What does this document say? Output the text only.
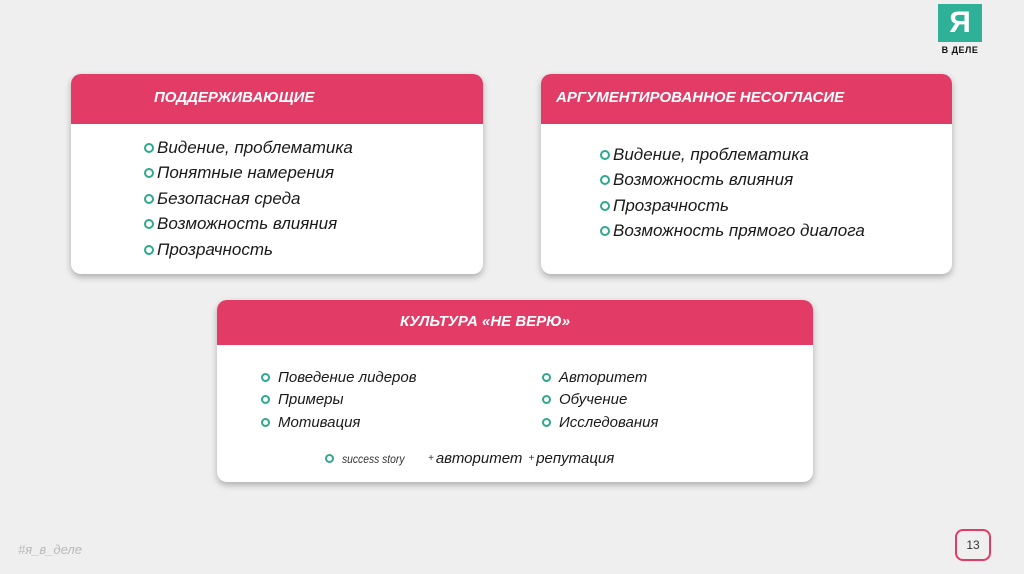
Я
В ДЕЛЕ
ПОДДЕРЖИВАЮЩИЕ
Видение, проблематика
Понятные намерения
Безопасная среда
Возможность влияния
Прозрачность
АРГУМЕНТИРОВАННОЕ НЕСОГЛАСИЕ
Видение, проблематика
Возможность влияния
Прозрачность
Возможность прямого диалога
КУЛЬТУРА «НЕ ВЕРЮ»
Поведение лидеров
Примеры
Мотивация
Авторитет
Обучение
Исследования
success story	+ авторитет + репутация
#я_в_деле	13
